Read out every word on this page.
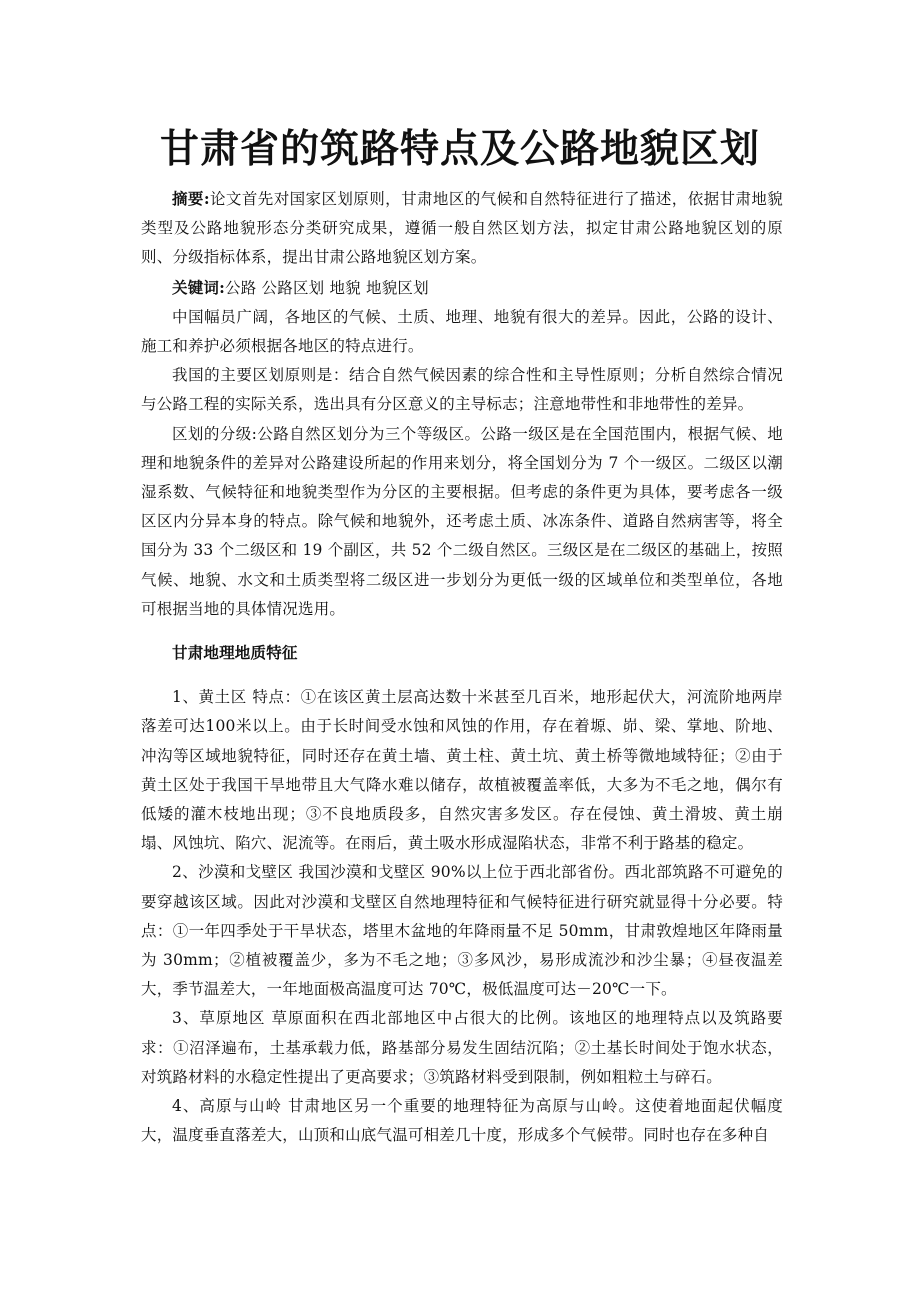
甘肃省的筑路特点及公路地貌区划

摘要:论文首先对国家区划原则，甘肃地区的气候和自然特征进行了描述，依据甘肃地貌类型及公路地貌形态分类研究成果，遵循一般自然区划方法，拟定甘肃公路地貌区划的原则、分级指标体系，提出甘肃公路地貌区划方案。

关键词:公路 公路区划 地貌 地貌区划

中国幅员广阔，各地区的气候、土质、地理、地貌有很大的差异。因此，公路的设计、施工和养护必须根据各地区的特点进行。

我国的主要区划原则是：结合自然气候因素的综合性和主导性原则；分析自然综合情况与公路工程的实际关系，选出具有分区意义的主导标志；注意地带性和非地带性的差异。

区划的分级:公路自然区划分为三个等级区。公路一级区是在全国范围内，根据气候、地理和地貌条件的差异对公路建设所起的作用来划分，将全国划分为 7 个一级区。二级区以潮湿系数、气候特征和地貌类型作为分区的主要根据。但考虑的条件更为具体，要考虑各一级区区内分异本身的特点。除气候和地貌外，还考虑土质、冰冻条件、道路自然病害等，将全国分为 33 个二级区和 19 个副区，共 52 个二级自然区。三级区是在二级区的基础上，按照气候、地貌、水文和土质类型将二级区进一步划分为更低一级的区域单位和类型单位，各地可根据当地的具体情况选用。

甘肃地理地质特征

1、黄土区 特点：①在该区黄土层高达数十米甚至几百米，地形起伏大，河流阶地两岸落差可达100米以上。由于长时间受水蚀和风蚀的作用，存在着塬、峁、梁、掌地、阶地、冲沟等区域地貌特征，同时还存在黄土墙、黄土柱、黄土坑、黄土桥等微地域特征；②由于黄土区处于我国干旱地带且大气降水难以储存，故植被覆盖率低，大多为不毛之地，偶尔有低矮的灌木枝地出现；③不良地质段多，自然灾害多发区。存在侵蚀、黄土滑坡、黄土崩塌、风蚀坑、陷穴、泥流等。在雨后，黄土吸水形成湿陷状态，非常不利于路基的稳定。

2、沙漠和戈壁区 我国沙漠和戈壁区 90%以上位于西北部省份。西北部筑路不可避免的要穿越该区域。因此对沙漠和戈壁区自然地理特征和气候特征进行研究就显得十分必要。特点：①一年四季处于干旱状态，塔里木盆地的年降雨量不足 50mm，甘肃敦煌地区年降雨量为 30mm；②植被覆盖少，多为不毛之地；③多风沙，易形成流沙和沙尘暴；④昼夜温差大，季节温差大，一年地面极高温度可达 70℃，极低温度可达－20℃一下。

3、草原地区 草原面积在西北部地区中占很大的比例。该地区的地理特点以及筑路要求：①沼泽遍布，土基承载力低，路基部分易发生固结沉陷；②土基长时间处于饱水状态，对筑路材料的水稳定性提出了更高要求；③筑路材料受到限制，例如粗粒土与碎石。

4、高原与山岭 甘肃地区另一个重要的地理特征为高原与山岭。这使着地面起伏幅度大，温度垂直落差大，山顶和山底气温可相差几十度，形成多个气候带。同时也存在多种自
